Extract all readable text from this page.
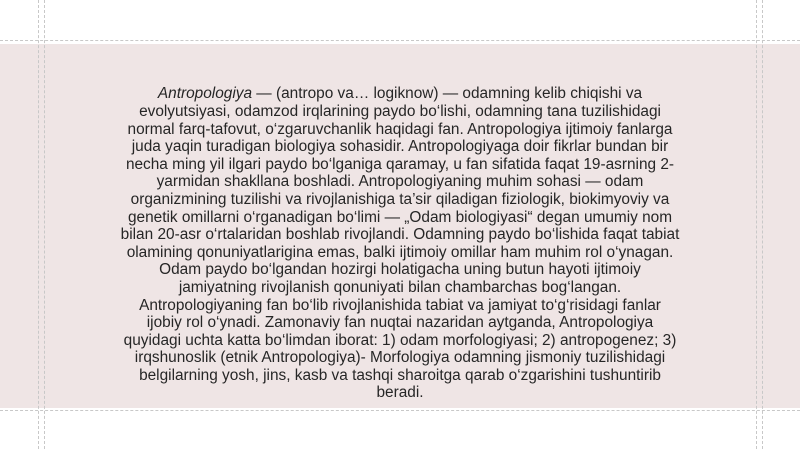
Antropologiya — (antropo va… logiknow) — odamning kelib chiqishi va evolyutsiyasi, odamzod irqlarining paydo bo‘lishi, odamning tana tuzilishidagi normal farq-tafovut, o‘zgaruvchanlik haqidagi fan. Antropologiya ijtimoiy fanlarga juda yaqin turadigan biologiya sohasidir. Antropologiyaga doir fikrlar bundan bir necha ming yil ilgari paydo bo‘lganiga qaramay, u fan sifatida faqat 19-asrning 2-yarmidan shakllana boshladi. Antropologiyaning muhim sohasi — odam organizmining tuzilishi va rivojlanishiga ta’sir qiladigan fiziologik, biokimyoviy va genetik omillarni o‘rganadigan bo‘limi — „Odam biologiyasi“ degan umumiy nom bilan 20-asr o‘rtalaridan boshlab rivojlandi. Odamning paydo bo‘lishida faqat tabiat olamining qonuniyatlarigina emas, balki ijtimoiy omillar ham muhim rol o‘ynagan. Odam paydo bo‘lgandan hozirgi holatigacha uning butun hayoti ijtimoiy jamiyatning rivojlanish qonuniyati bilan chambarchas bog‘langan. Antropologiyaning fan bo‘lib rivojlanishida tabiat va jamiyat to‘g‘risidagi fanlar ijobiy rol o‘ynadi. Zamonaviy fan nuqtai nazaridan aytganda, Antropologiya quyidagi uchta katta bo‘limdan iborat: 1) odam morfologiyasi; 2) antropogenez; 3) irqshunoslik (etnik Antropologiya)- Morfologiya odamning jismoniy tuzilishidagi belgilarning yosh, jins, kasb va tashqi sharoitga qarab o‘zgarishini tushuntirib beradi.
